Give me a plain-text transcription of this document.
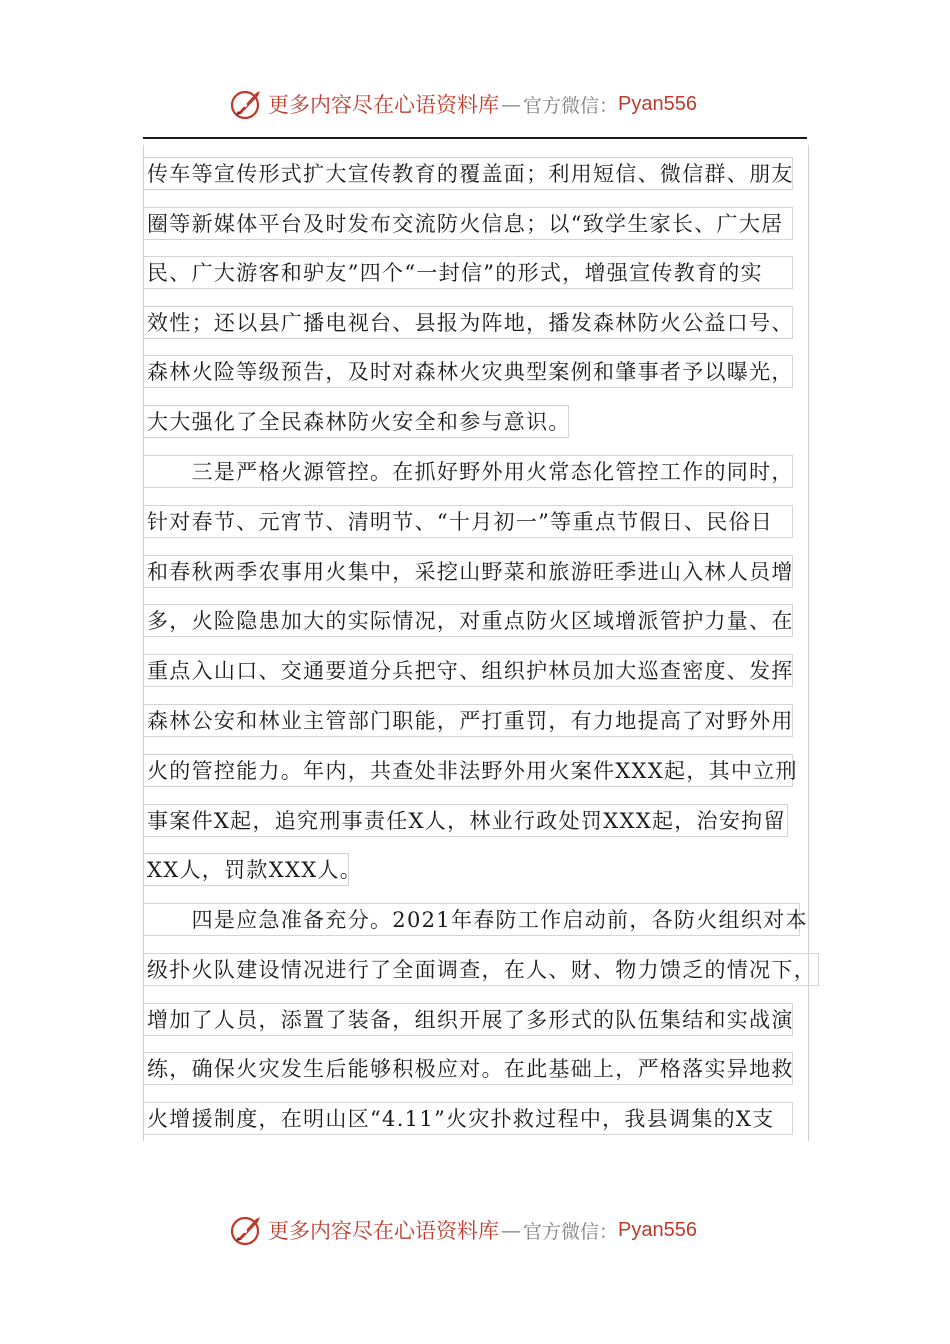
更多内容尽在心语资料库 — 官方微信 ： Pyan556
传车等宣传形式扩大宣传教育的覆盖面；利用短信、微信群、朋友
圈等新媒体平台及时发布交流防火信息；以“致学生家长、广大居
民、广大游客和驴友”四个“一封信”的形式，增强宣传教育的实
效性；还以县广播电视台、县报为阵地，播发森林防火公益口号、
森林火险等级预告，及时对森林火灾典型案例和肇事者予以曝光，
大大强化了全民森林防火安全和参与意识。
　　三是严格火源管控。在抓好野外用火常态化管控工作的同时，
针对春节、元宵节、清明节、“十月初一”等重点节假日、民俗日
和春秋两季农事用火集中，采挖山野菜和旅游旺季进山入林人员增
多，火险隐患加大的实际情况，对重点防火区域增派管护力量、在
重点入山口、交通要道分兵把守、组织护林员加大巡查密度、发挥
森林公安和林业主管部门职能，严打重罚，有力地提高了对野外用
火的管控能力。年内，共查处非法野外用火案件XXX起，其中立刑
事案件X起，追究刑事责任X人，林业行政处罚XXX起，治安拘留
XX人，罚款XXX人。
　　四是应急准备充分。2021年春防工作启动前，各防火组织对本
级扑火队建设情况进行了全面调查，在人、财、物力馈乏的情况下，
增加了人员，添置了装备，组织开展了多形式的队伍集结和实战演
练，确保火灾发生后能够积极应对。在此基础上，严格落实异地救
火增援制度，在明山区“4.11”火灾扑救过程中，我县调集的X支
更多内容尽在心语资料库 — 官方微信 ： Pyan556
